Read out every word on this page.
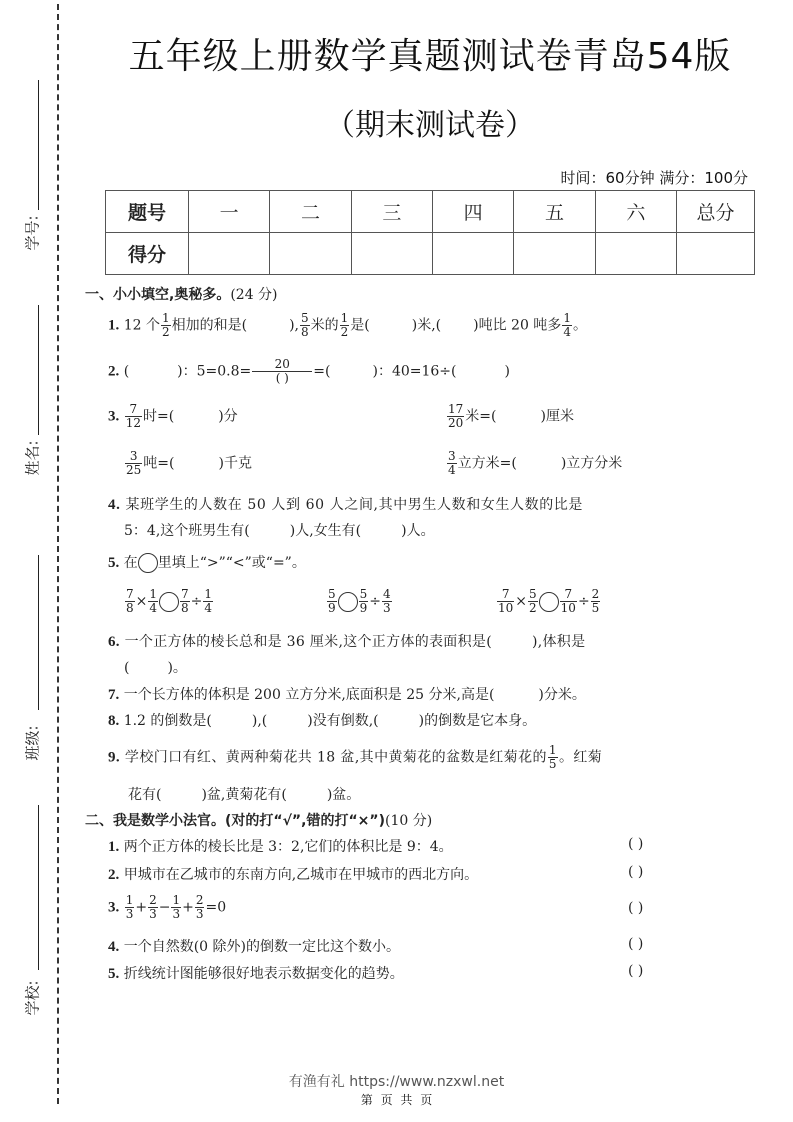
学号:
姓名:
班级:
学校:
五年级上册数学真题测试卷青岛54版
（期末测试卷）
时间：60分钟 满分：100分
题号	一	二	三	四	五	六	总分
得分							
一、小小填空,奥秘多。(24 分)
1. 12 个 $\frac{1}{2}$ 相加的和是(	), $\frac{5}{8}$ 米的 $\frac{1}{2}$ 是(	)米,( )吨比 20 吨多 $\frac{1}{4}$ 。
2. (	)：$5=0.8= \frac{20}{( )}$ =(	)：40=16÷(	)
3. $\frac{7}{12}$ 时=(	)分	$\frac{17}{20}$ 米=(	)厘米
$\frac{3}{25}$ 吨=(	)千克	$\frac{3}{4}$ 立方米=(	)立方分米
4. 某班学生的人数在 50 人到 60 人之间,其中男生人数和女生人数的比是
5：4,这个班男生有(	)人,女生有(	)人。
5. 在 里填上“>”“<”或“=”。
$\frac{7}{8} \times \frac{1}{4} \frac{7}{8} \div \frac{1}{4}$	$\frac{5}{9} \frac{5}{9} \div \frac{4}{3}$	$\frac{7}{10} \times \frac{5}{2} \frac{7}{10} \div \frac{2}{5}$
6. 一个正方体的棱长总和是 36 厘米,这个正方体的表面积是(	),体积是
(	)。
7. 一个长方体的体积是 200 立方分米,底面积是 25 分米,高是(	)分米。
8. 1.2 的倒数是(	),(	)没有倒数,(	)的倒数是它本身。
9. 学校门口有红、黄两种菊花共 18 盆,其中黄菊花的盆数是红菊花的 $\frac{1}{5}$ 。红菊
花有(	)盆,黄菊花有(	)盆。
二、我是数学小法官。(对的打“√”,错的打“×”)(10 分)
1. 两个正方体的棱长比是 3：2,它们的体积比是 9：4。	( )
2. 甲城市在乙城市的东南方向,乙城市在甲城市的西北方向。	( )
3. $\frac{1}{3} + \frac{2}{3} - \frac{1}{3} + \frac{2}{3} =0$	( )
4. 一个自然数(0 除外)的倒数一定比这个数小。	( )
5. 折线统计图能够很好地表示数据变化的趋势。	( )
有渔有礼 https://www.nzxwl.net
第 页 共 页
